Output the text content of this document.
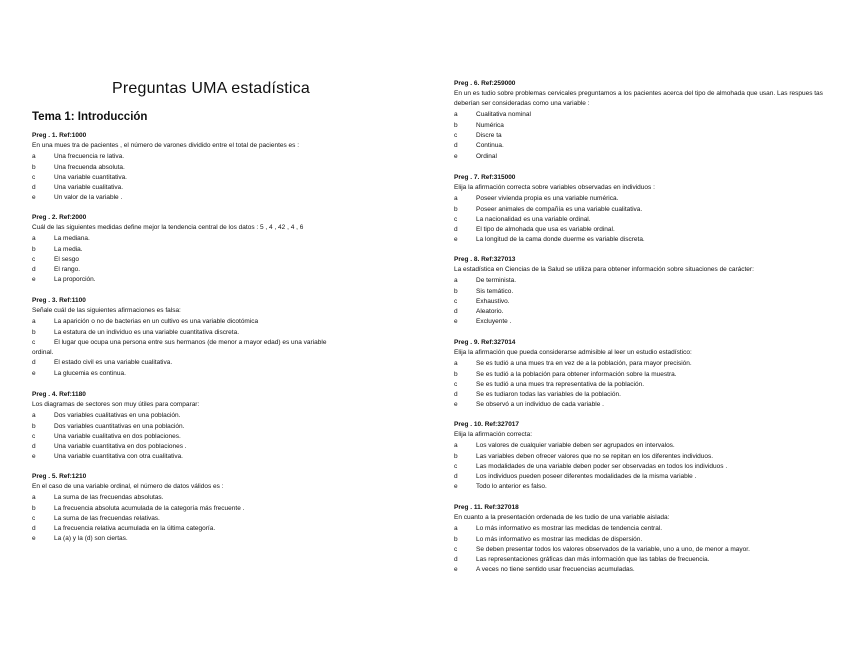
Preguntas UMA estadística
Tema 1: Introducción
Preg . 1. Ref:1000
En una mues tra de pacientes , el número de varones dividido entre el total de pacientes es :
a	Una frecuencia re lativa.
b	Una frecuenda absoluta.
c	Una variable cuantitativa.
d	Una variable cualitativa.
e	Un valor de la variable .
Preg . 2. Ref:2000
Cuál de las siguientes medidas define mejor la tendencia central de los datos : 5 , 4 , 42 , 4 , 6
a	La mediana.
b	La media.
c	El sesgo
d	El rango.
e	La proporción.
Preg . 3. Ref:1100
Señale cuál de las siguientes afirmaciones es falsa:
a	La aparición o no de bacterias en un cultivo es una variable dicotómica
b	La estatura de un individuo es una variable cuantitativa discreta.
c	El lugar que ocupa una persona entre sus hermanos (de menor a mayor edad) es una variable
ordinal.
d	El estado civil es una variable cualitativa.
e	La glucemia es continua.
Preg . 4. Ref:1180
Los diagramas de sectores son muy útiles para comparar:
a	Dos variables cualitativas en una población.
b	Dos variables cuantitativas en una población.
c	Una variable cualitativa en dos poblaciones.
d	Una variable cuantitativa en dos poblaciones .
e	Una variable cuantitativa con otra cualitativa.
Preg . 5. Ref:1210
En el caso de una variable ordinal, el número de datos válidos es :
a	La suma de las frecuendas absolutas.
b	La frecuencia absoluta acumulada de la categoría más frecuente .
c	La suma de las frecuendas relativas.
d	La frecuencia relativa acumulada en la última categoría.
e	La (a) y la (d) son ciertas.
Preg . 6. Ref:259000
En un es tudio sobre problemas cervicales preguntamos a los pacientes acerca del tipo de almohada que usan. Las respues tas deberían ser consideradas como una variable :
a	Cualitativa nominal
b	Numérica
c	Discre ta
d	Continua.
e	Ordinal
Preg . 7. Ref:315000
Elija la afirmación correcta sobre variables observadas en individuos :
a	Poseer vivienda propia es una variable numérica.
b	Poseer animales de compañía es una variable cualitativa.
c	La nacionalidad es una variable ordinal.
d	El tipo de almohada que usa es variable ordinal.
e	La longitud de la cama donde duerme es variable discreta.
Preg . 8. Ref:327013
La estadística en Ciencias de la Salud se utiliza para obtener información sobre situaciones de carácter:
a	De terminista.
b	Sis temático.
c	Exhaustivo.
d	Aleatorio.
e	Excluyente .
Preg . 9. Ref:327014
Elija la afirmación que pueda considerarse admisible al leer un estudio estadístico:
a	Se es tudió a una mues tra en vez de a la población, para mayor precisión.
b	Se es tudió a la población para obtener información sobre la muestra.
c	Se es tudió a una mues tra representativa de la población.
d	Se es tudiaron todas las variables de la población.
e	Se observó a un individuo de cada variable .
Preg . 10. Ref:327017
Elija la afirmación correcta:
a	Los valores de cualquier variable deben ser agrupados en intervalos.
b	Las variables deben ofrecer valores que no se repitan en los diferentes individuos.
c	Las modalidades de una variable deben poder ser observadas en todos los individuos .
d	Los individuos pueden poseer diferentes modalidades de la misma variable .
e	Todo lo anterior es falso.
Preg . 11. Ref:327018
En cuanto a la presentación ordenada de les tudio de una variable aislada:
a	Lo más informativo es mostrar las medidas de tendencia central.
b	Lo más informativo es mostrar las medidas de dispersión.
c	Se deben presentar todos los valores observados de la variable, uno a uno, de menor a mayor.
d	Las representaciones gráficas dan más información que las tablas de frecuencia.
e	A veces no tiene sentido usar frecuencias acumuladas.
